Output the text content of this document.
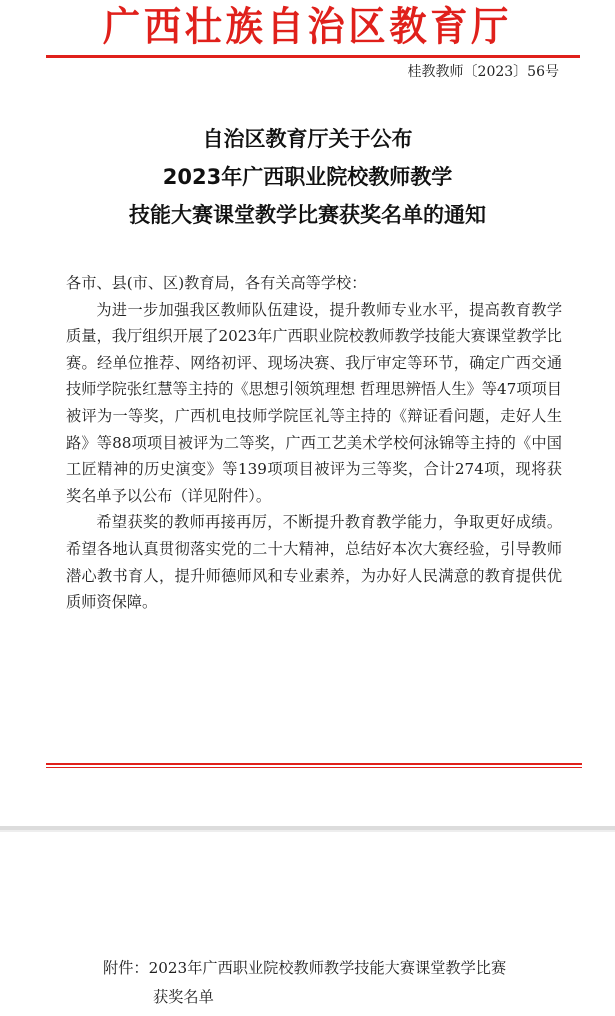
广西壮族自治区教育厅
桂教教师〔2023〕56号
自治区教育厅关于公布
2023年广西职业院校教师教学
技能大赛课堂教学比赛获奖名单的通知

各市、县(市、区)教育局，各有关高等学校：

为进一步加强我区教师队伍建设，提升教师专业水平，提高教育教学质量，我厅组织开展了2023年广西职业院校教师教学技能大赛课堂教学比赛。经单位推荐、网络初评、现场决赛、我厅审定等环节，确定广西交通技师学院张红慧等主持的《思想引领筑理想 哲理思辨悟人生》等47项项目被评为一等奖，广西机电技师学院匡礼等主持的《辩证看问题，走好人生路》等88项项目被评为二等奖，广西工艺美术学校何泳锦等主持的《中国工匠精神的历史演变》等139项项目被评为三等奖，合计274项，现将获奖名单予以公布（详见附件）。

希望获奖的教师再接再厉，不断提升教育教学能力，争取更好成绩。希望各地认真贯彻落实党的二十大精神，总结好本次大赛经验，引导教师潜心教书育人，提升师德师风和专业素养，为办好人民满意的教育提供优质师资保障。

附件：2023年广西职业院校教师教学技能大赛课堂教学比赛
获奖名单
